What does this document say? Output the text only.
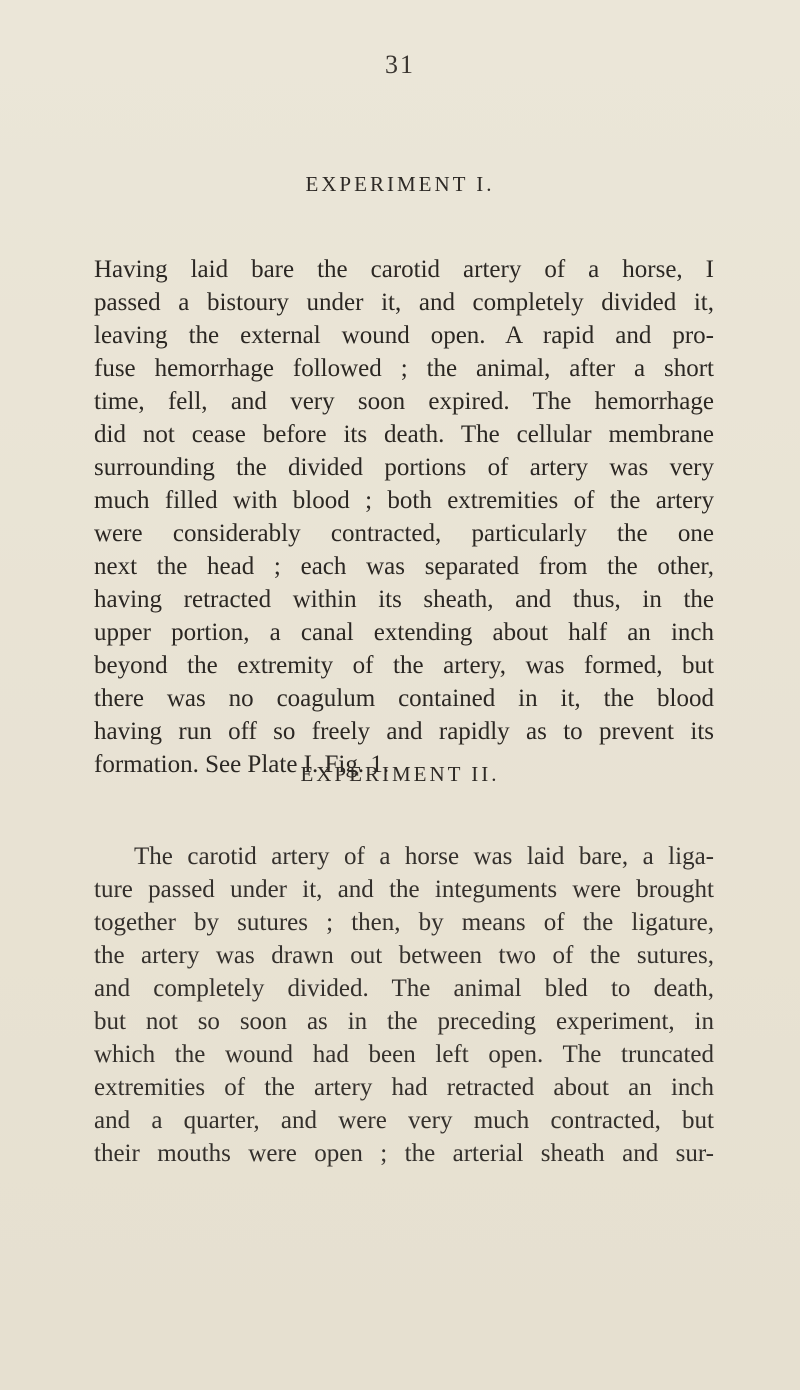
31
EXPERIMENT I.

Having laid bare the carotid artery of a horse, I
passed a bistoury under it, and completely divided it,
leaving the external wound open. A rapid and pro-
fuse hemorrhage followed ; the animal, after a short
time, fell, and very soon expired. The hemorrhage
did not cease before its death. The cellular membrane
surrounding the divided portions of artery was very
much filled with blood ; both extremities of the artery
were considerably contracted, particularly the one
next the head ; each was separated from the other,
having retracted within its sheath, and thus, in the
upper portion, a canal extending about half an inch
beyond the extremity of the artery, was formed, but
there was no coagulum contained in it, the blood
having run off so freely and rapidly as to prevent its
formation. See Plate I. Fig. 1.

EXPERIMENT II.

The carotid artery of a horse was laid bare, a liga-
ture passed under it, and the integuments were brought
together by sutures ; then, by means of the ligature,
the artery was drawn out between two of the sutures,
and completely divided. The animal bled to death,
but not so soon as in the preceding experiment, in
which the wound had been left open. The truncated
extremities of the artery had retracted about an inch
and a quarter, and were very much contracted, but
their mouths were open ; the arterial sheath and sur-
